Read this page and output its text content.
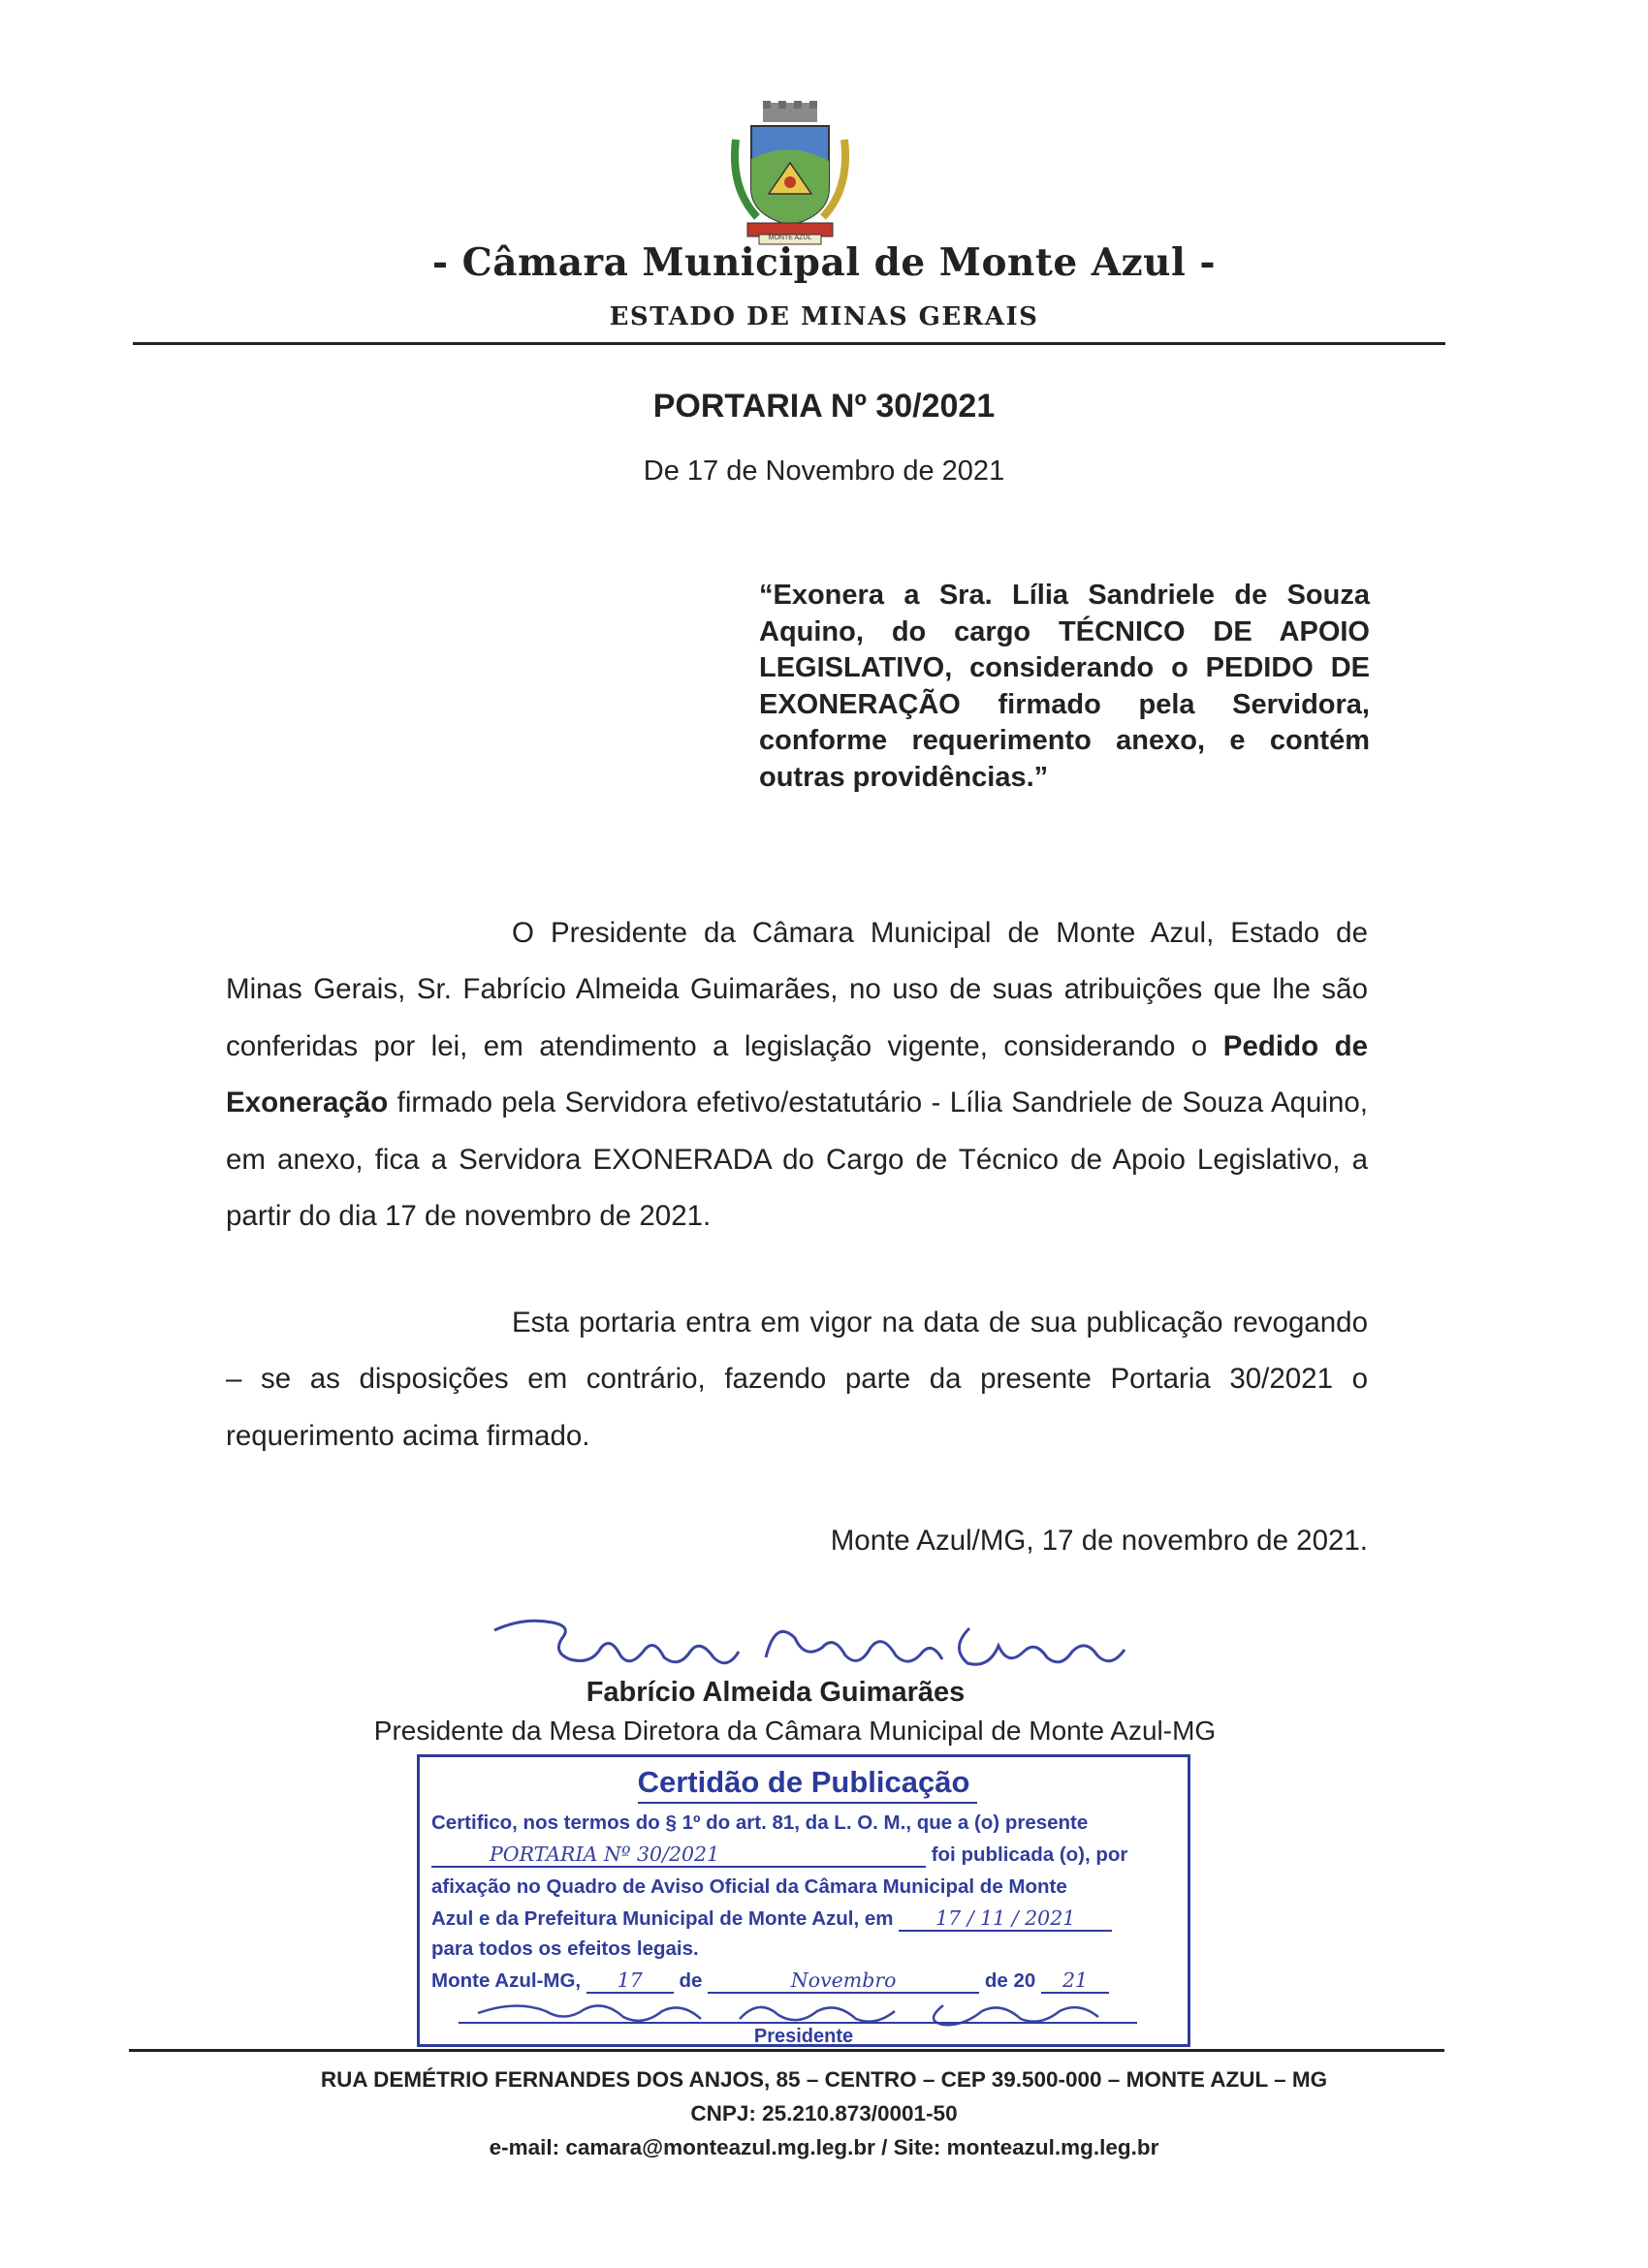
MONTE AZUL
- Câmara Municipal de Monte Azul -
ESTADO DE MINAS GERAIS
PORTARIA Nº 30/2021
De 17 de Novembro de 2021
“Exonera a Sra. Lília Sandriele de Souza Aquino, do cargo TÉCNICO DE APOIO LEGISLATIVO, considerando o PEDIDO DE EXONERAÇÃO firmado pela Servidora, conforme requerimento anexo, e contém outras providências.”
O Presidente da Câmara Municipal de Monte Azul, Estado de Minas Gerais, Sr. Fabrício Almeida Guimarães, no uso de suas atribuições que lhe são conferidas por lei, em atendimento a legislação vigente, considerando o Pedido de Exoneração firmado pela Servidora efetivo/estatutário - Lília Sandriele de Souza Aquino, em anexo, fica a Servidora EXONERADA do Cargo de Técnico de Apoio Legislativo, a partir do dia 17 de novembro de 2021.
Esta portaria entra em vigor na data de sua publicação revogando – se as disposições em contrário, fazendo parte da presente Portaria 30/2021 o requerimento acima firmado.
Monte Azul/MG, 17 de novembro de 2021.
Fabrício Almeida Guimarães
Presidente da Mesa Diretora da Câmara Municipal de Monte Azul-MG
Certidão de Publicação
Certifico, nos termos do § 1º do art. 81, da L. O. M., que a (o) presente
PORTARIA Nº 30/2021	foi publicada (o), por
afixação no Quadro de Aviso Oficial da Câmara Municipal de Monte
Azul e da Prefeitura Municipal de Monte Azul, em 17 / 11 / 2021
para todos os efeitos legais.
Monte Azul-MG, 17 de	Novembro	de 20 21
Presidente
RUA DEMÉTRIO FERNANDES DOS ANJOS, 85 – CENTRO – CEP 39.500-000 – MONTE AZUL – MG
CNPJ: 25.210.873/0001-50
e-mail: camara@monteazul.mg.leg.br / Site: monteazul.mg.leg.br
